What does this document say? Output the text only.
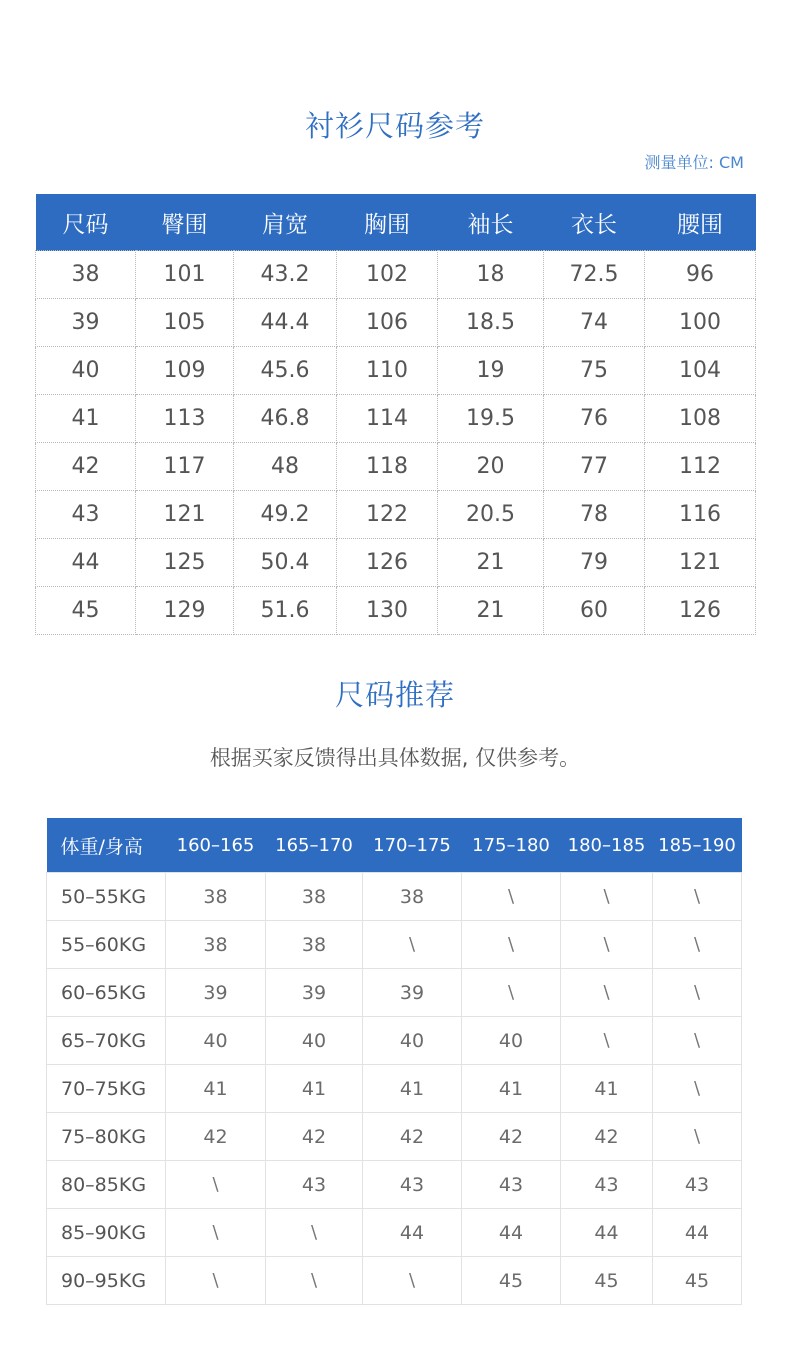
衬衫尺码参考
测量单位: CM
尺码	臀围	肩宽	胸围	袖长	衣长	腰围
38	101	43.2	102	18	72.5	96
39	105	44.4	106	18.5	74	100
40	109	45.6	110	19	75	104
41	113	46.8	114	19.5	76	108
42	117	48	118	20	77	112
43	121	49.2	122	20.5	78	116
44	125	50.4	126	21	79	121
45	129	51.6	130	21	60	126
尺码推荐
根据买家反馈得出具体数据, 仅供参考。
体重/身高	160–165	165–170	170–175	175–180	180–185	185–190
50–55KG	38	38	38	\	\	\
55–60KG	38	38	\	\	\	\
60–65KG	39	39	39	\	\	\
65–70KG	40	40	40	40	\	\
70–75KG	41	41	41	41	41	\
75–80KG	42	42	42	42	42	\
80–85KG	\	43	43	43	43	43
85–90KG	\	\	44	44	44	44
90–95KG	\	\	\	45	45	45
